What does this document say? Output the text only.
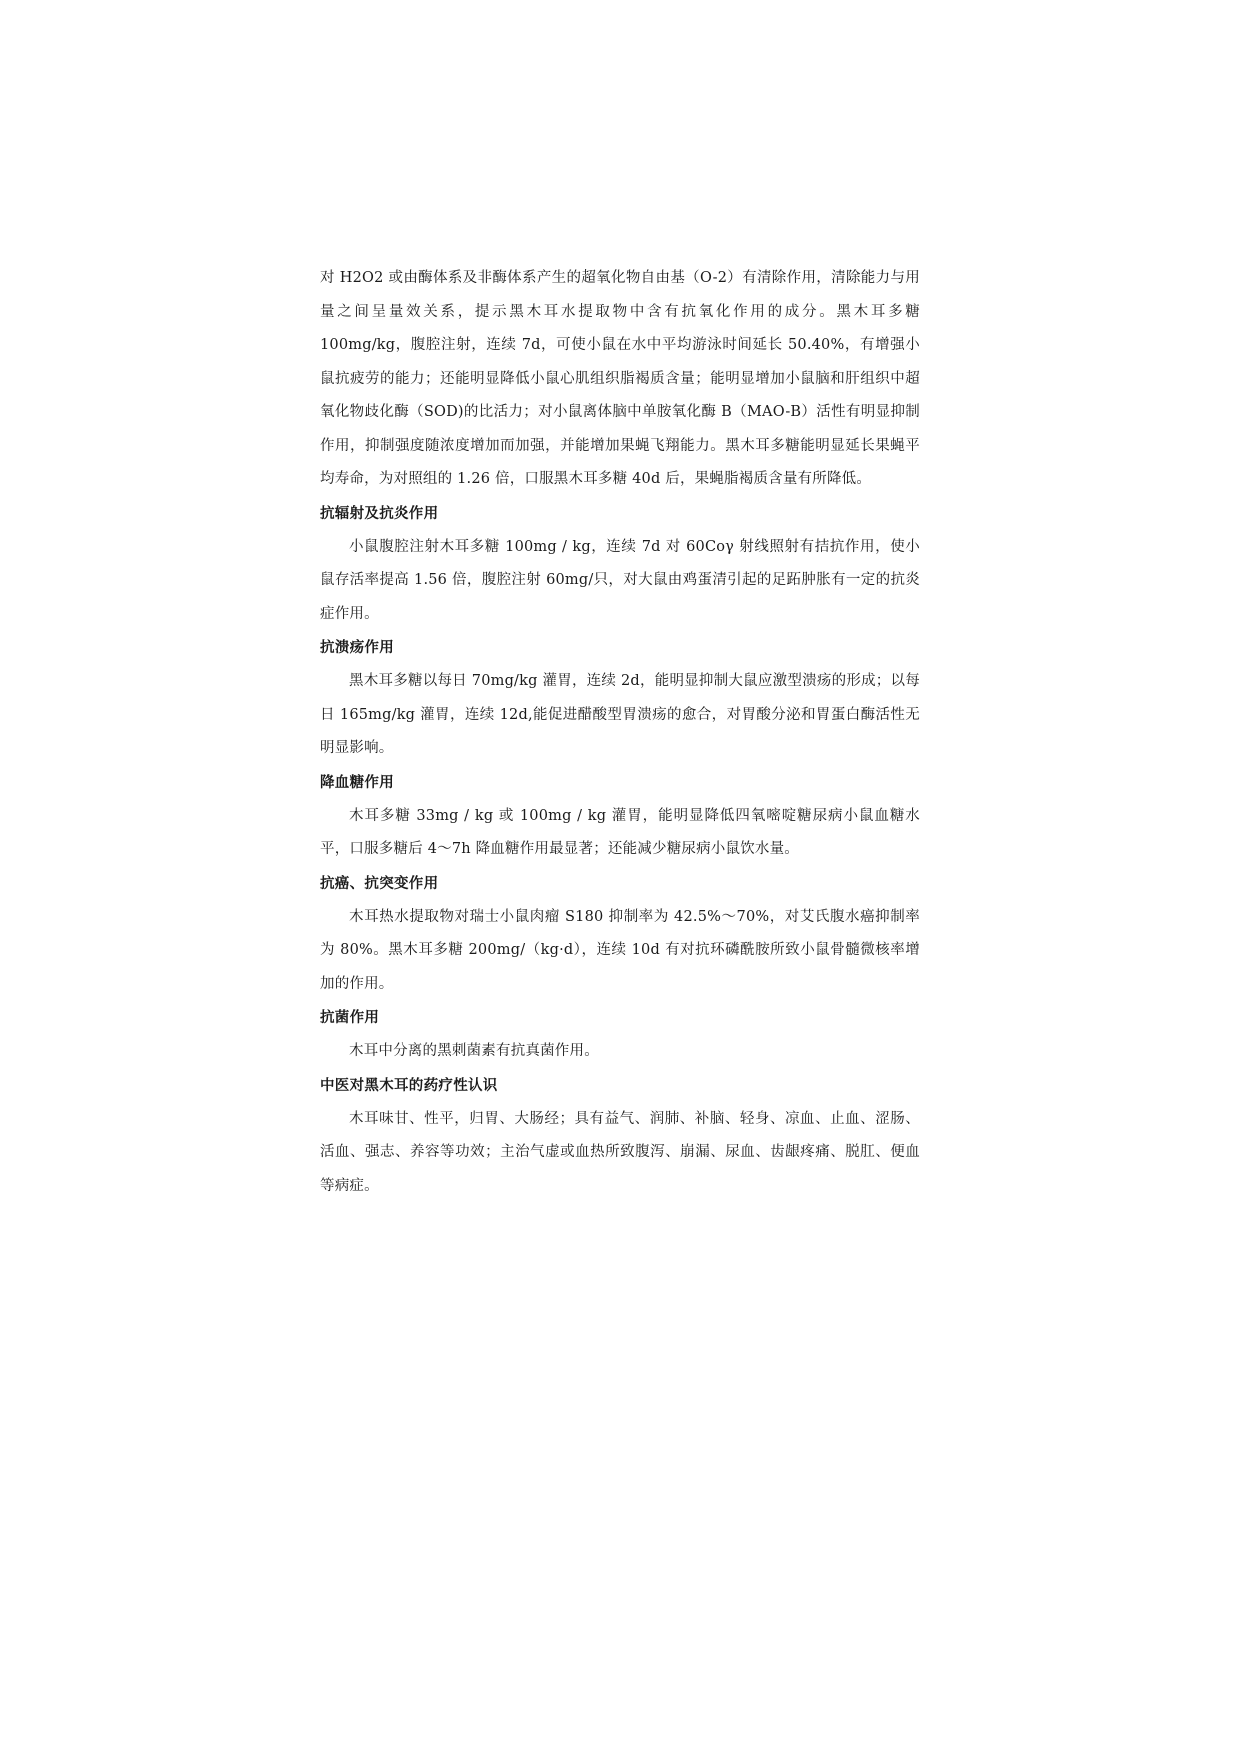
对 H2O2 或由酶体系及非酶体系产生的超氧化物自由基（O-2）有清除作用，清除能力与用量之间呈量效关系，提示黑木耳水提取物中含有抗氧化作用的成分。黑木耳多糖 100mg/kg，腹腔注射，连续 7d，可使小鼠在水中平均游泳时间延长 50.40%，有增强小鼠抗疲劳的能力；还能明显降低小鼠心肌组织脂褐质含量；能明显增加小鼠脑和肝组织中超氧化物歧化酶（SOD)的比活力；对小鼠离体脑中单胺氧化酶 B（MAO-B）活性有明显抑制作用，抑制强度随浓度增加而加强，并能增加果蝇飞翔能力。黑木耳多糖能明显延长果蝇平均寿命，为对照组的 1.26 倍，口服黑木耳多糖 40d 后，果蝇脂褐质含量有所降低。

抗辐射及抗炎作用

小鼠腹腔注射木耳多糖 100mg / kg，连续 7d 对 60Coγ 射线照射有拮抗作用，使小鼠存活率提高 1.56 倍，腹腔注射 60mg/只，对大鼠由鸡蛋清引起的足跖肿胀有一定的抗炎症作用。

抗溃疡作用

黑木耳多糖以每日 70mg/kg 灌胃，连续 2d，能明显抑制大鼠应激型溃疡的形成；以每日 165mg/kg 灌胃，连续 12d,能促进醋酸型胃溃疡的愈合，对胃酸分泌和胃蛋白酶活性无明显影响。

降血糖作用

木耳多糖 33mg / kg 或 100mg / kg 灌胃，能明显降低四氧嘧啶糖尿病小鼠血糖水平，口服多糖后 4～7h 降血糖作用最显著；还能减少糖尿病小鼠饮水量。

抗癌、抗突变作用

木耳热水提取物对瑞士小鼠肉瘤 S180 抑制率为 42.5%～70%，对艾氏腹水癌抑制率为 80%。黑木耳多糖 200mg/（kg·d），连续 10d 有对抗环磷酰胺所致小鼠骨髓微核率增加的作用。

抗菌作用

木耳中分离的黑刺菌素有抗真菌作用。

中医对黑木耳的药疗性认识

木耳味甘、性平，归胃、大肠经；具有益气、润肺、补脑、轻身、凉血、止血、涩肠、活血、强志、养容等功效；主治气虚或血热所致腹泻、崩漏、尿血、齿龈疼痛、脱肛、便血等病症。
